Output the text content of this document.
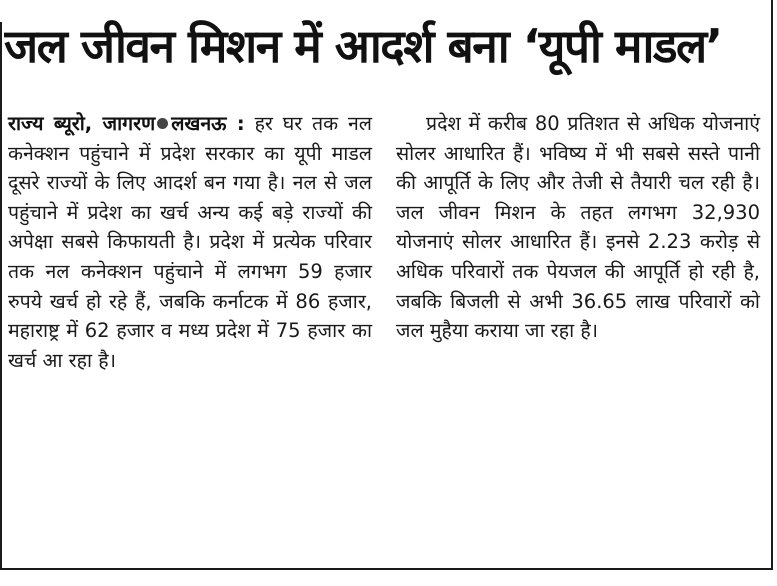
जल जीवन मिशन में आदर्श बना ‘यूपी माडल’

राज्य ब्यूरो, जागरण लखनऊ : हर घर तक नल कनेक्शन पहुंचाने में प्रदेश सरकार का यूपी माडल दूसरे राज्यों के लिए आदर्श बन गया है। नल से जल पहुंचाने में प्रदेश का खर्च अन्य कई बड़े राज्यों की अपेक्षा सबसे किफायती है। प्रदेश में प्रत्येक परिवार तक नल कनेक्शन पहुंचाने में लगभग 59 हजार रुपये खर्च हो रहे हैं, जबकि कर्नाटक में 86 हजार, महाराष्ट्र में 62 हजार व मध्य प्रदेश में 75 हजार का खर्च आ रहा है।

प्रदेश में करीब 80 प्रतिशत से अधिक योजनाएं सोलर आधारित हैं। भविष्य में भी सबसे सस्ते पानी की आपूर्ति के लिए और तेजी से तैयारी चल रही है। जल जीवन मिशन के तहत लगभग 32,930 योजनाएं सोलर आधारित हैं। इनसे 2.23 करोड़ से अधिक परिवारों तक पेयजल की आपूर्ति हो रही है, जबकि बिजली से अभी 36.65 लाख परिवारों को जल मुहैया कराया जा रहा है।
